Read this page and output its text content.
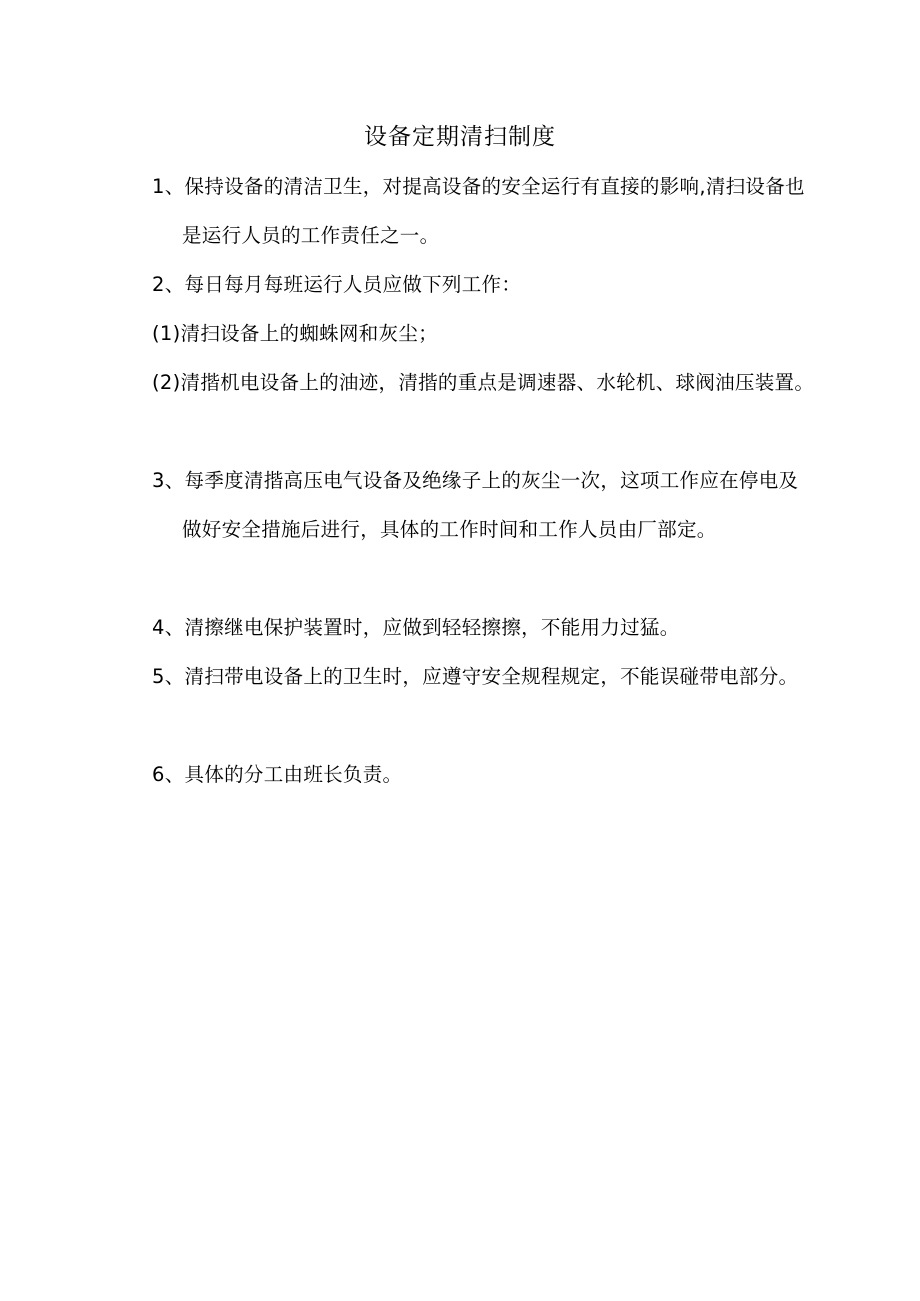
设备定期清扫制度
1、保持设备的清洁卫生，对提高设备的安全运行有直接的影响,清扫设备也是运行人员的工作责任之一。
2、每日每月每班运行人员应做下列工作：
(1)清扫设备上的蜘蛛网和灰尘；
(2)清揩机电设备上的油迹，清揩的重点是调速器、水轮机、球阀油压装置。
3、每季度清揩高压电气设备及绝缘子上的灰尘一次，这项工作应在停电及做好安全措施后进行，具体的工作时间和工作人员由厂部定。
4、清擦继电保护装置时，应做到轻轻擦擦，不能用力过猛。
5、清扫带电设备上的卫生时，应遵守安全规程规定，不能误碰带电部分。
6、具体的分工由班长负责。
